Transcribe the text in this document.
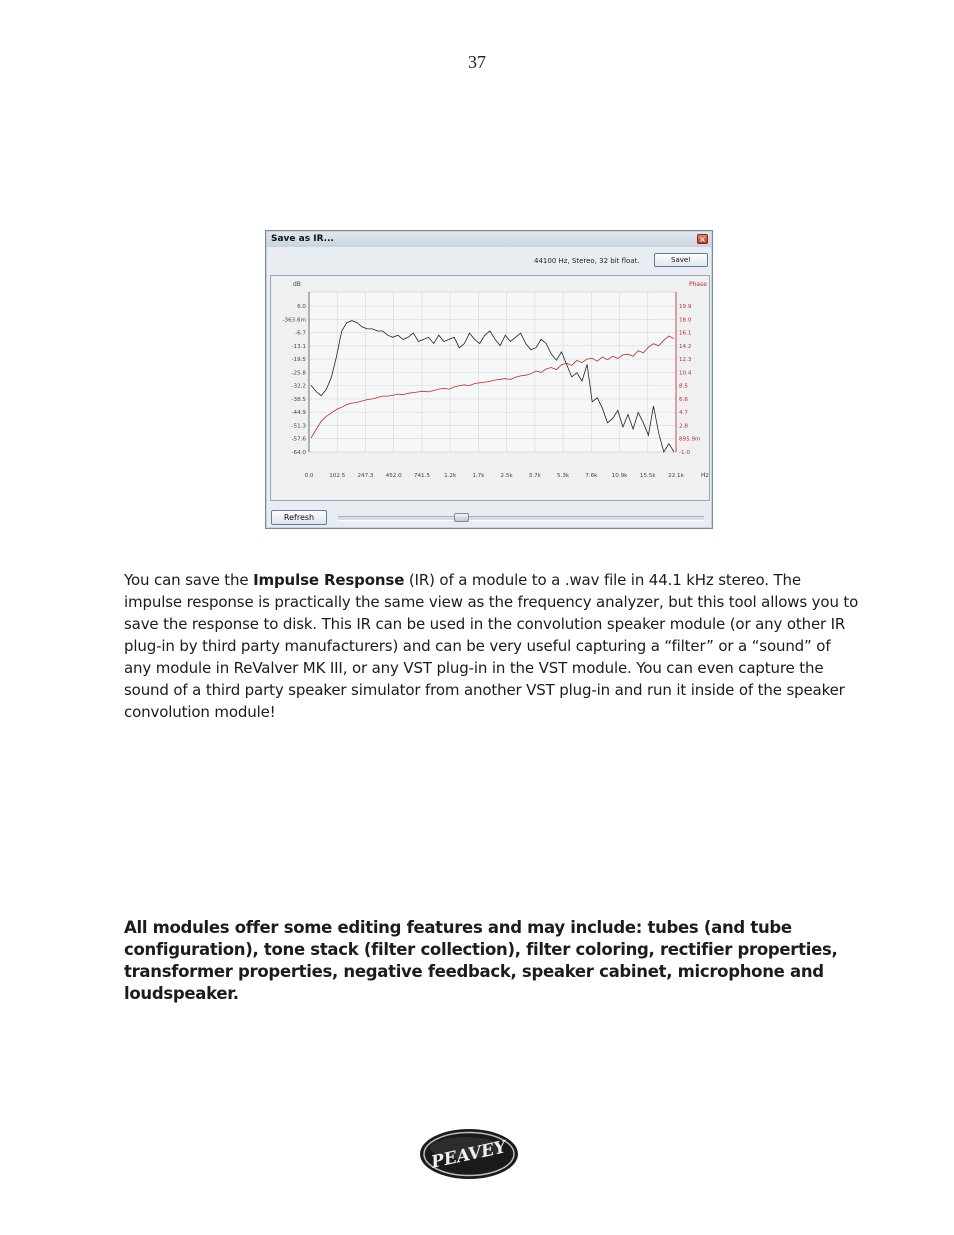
37
Save as IR...	×
44100 Hz, Stereo, 32 bit float.	Save!
dB	Phase
Hz
6.0
-363.6m
-6.7
-13.1
-19.5
-25.8
-32.2
-38.5
-44.9
-51.3
-57.6
-64.0
19.9
18.0
16.1
14.2
12.3
10.4
8.5
6.6
4.7
2.8
895.9m
-1.0
0.0	102.5 247.3 452.0 741.5	1.2k	1.7k	2.5k	3.7k	5.3k	7.6k	10.9k 15.5k 22.1k
Refresh
You can save the Impulse Response (IR) of a module to a .wav file in 44.1 kHz stereo. The impulse response is practically the same view as the frequency analyzer, but this tool allows you to save the response to disk. This IR can be used in the convolution speaker module (or any other IR plug-in by third party manufacturers) and can be very useful capturing a “filter” or a “sound” of any module in ReValver MK III, or any VST plug-in in the VST module. You can even capture the sound of a third party speaker simulator from another VST plug-in and run it inside of the speaker convolution module!
All modules offer some editing features and may include: tubes (and tube configuration), tone stack (filter collection), filter coloring, rectifier properties, transformer properties, negative feedback, speaker cabinet, microphone and loudspeaker.
PEAVEY
